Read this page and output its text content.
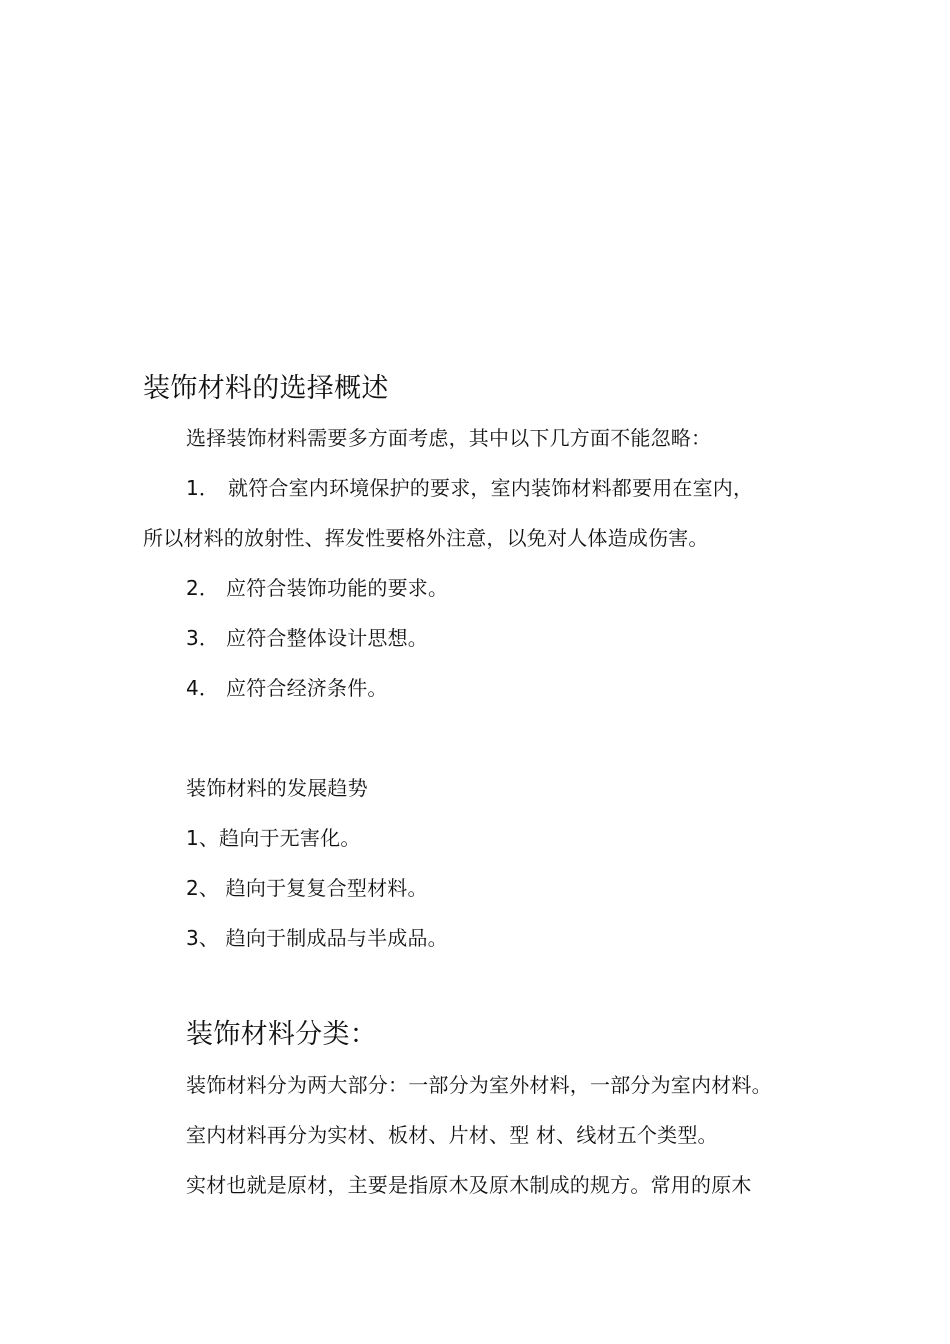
装饰材料的选择概述
选择装饰材料需要多方面考虑，其中以下几方面不能忽略：
1． 就符合室内环境保护的要求，室内装饰材料都要用在室内，
所以材料的放射性、挥发性要格外注意，以免对人体造成伤害。
2． 应符合装饰功能的要求。
3． 应符合整体设计思想。
4． 应符合经济条件。
装饰材料的发展趋势
1、趋向于无害化。
2、 趋向于复复合型材料。
3、 趋向于制成品与半成品。
装饰材料分类：
装饰材料分为两大部分：一部分为室外材料，一部分为室内材料。
室内材料再分为实材、板材、片材、型 材、线材五个类型。
实材也就是原材，主要是指原木及原木制成的规方。常用的原木
